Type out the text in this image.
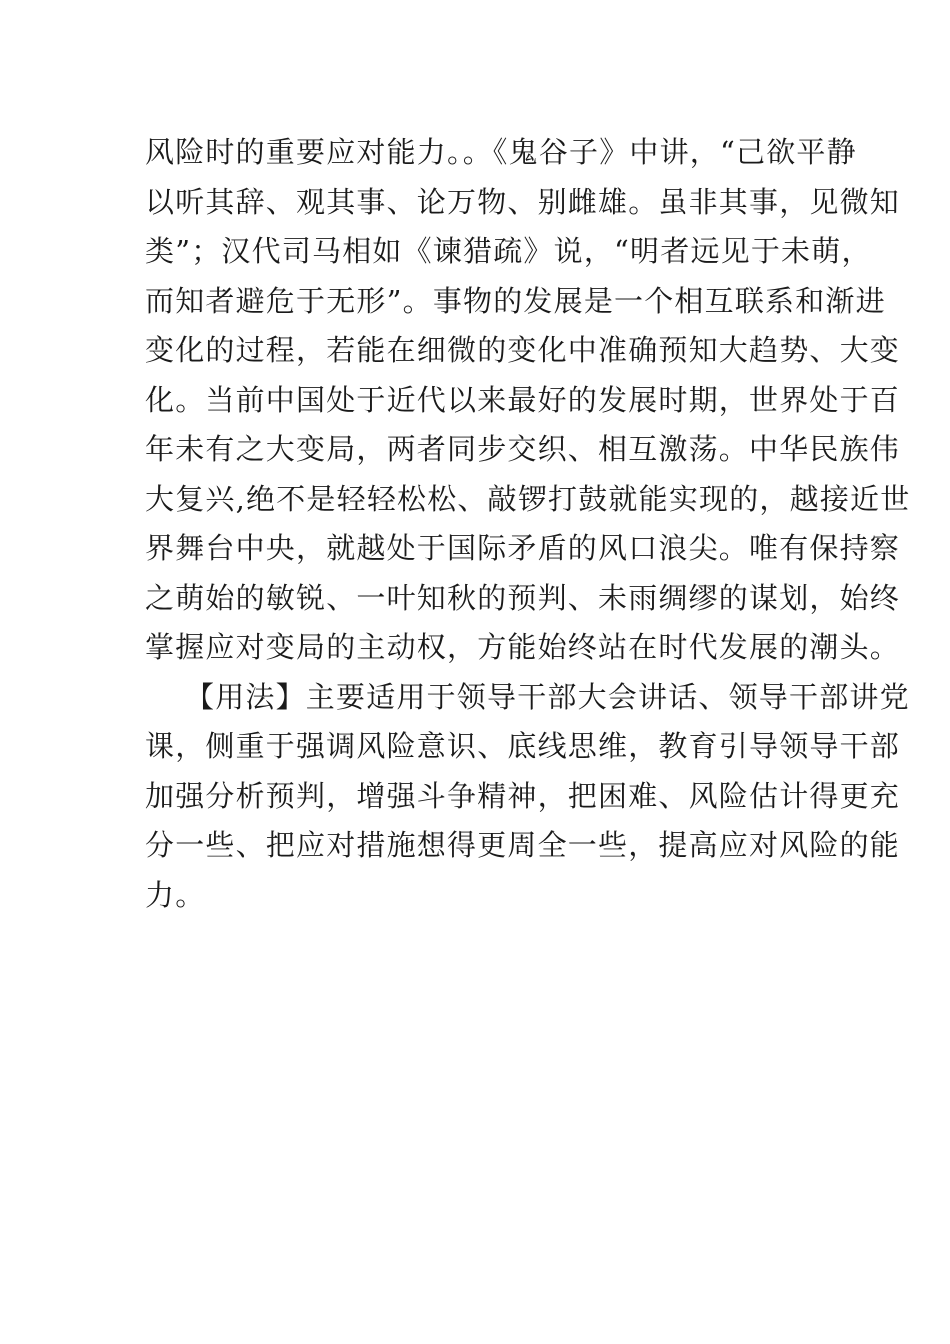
风险时的重要应对能力。。《鬼谷子》中讲，“己欲平静
以听其辞、观其事、论万物、别雌雄。虽非其事，见微知
类”；汉代司马相如《谏猎疏》说，“明者远见于未萌，
而知者避危于无形”。事物的发展是一个相互联系和渐进
变化的过程，若能在细微的变化中准确预知大趋势、大变
化。当前中国处于近代以来最好的发展时期，世界处于百
年未有之大变局，两者同步交织、相互激荡。中华民族伟
大复兴,绝不是轻轻松松、敲锣打鼓就能实现的，越接近世
界舞台中央，就越处于国际矛盾的风口浪尖。唯有保持察
之萌始的敏锐、一叶知秋的预判、未雨绸缪的谋划，始终
掌握应对变局的主动权，方能始终站在时代发展的潮头。
【用法】主要适用于领导干部大会讲话、领导干部讲党
课，侧重于强调风险意识、底线思维，教育引导领导干部
加强分析预判，增强斗争精神，把困难、风险估计得更充
分一些、把应对措施想得更周全一些，提高应对风险的能
力。
